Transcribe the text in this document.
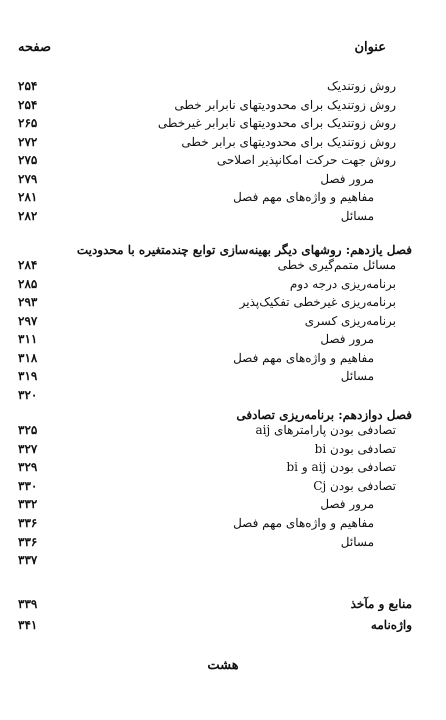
عنوان
صفحه
روش زوتندیک
۲۵۴
روش زوتندیک برای محدودیتهای نابرابر خطی
۲۵۴
روش زوتندیک برای محدودیتهای نابرابر غیرخطی
۲۶۵
روش زوتندیک برای محدودیتهای برابر خطی
۲۷۲
روش جهت حرکت امکانپذیر اصلاحی
۲۷۵
مرور فصل
۲۷۹
مفاهیم و واژه‌های مهم فصل
۲۸۱
مسائل
۲۸۲
فصل یازدهم: روشهای دیگر بهینه‌سازی توابع چندمتغیره با محدودیت
مسائل متمم‌گیری خطی
۲۸۴
برنامه‌ریزی درجه دوم
۲۸۵
برنامه‌ریزی غیرخطی تفکیک‌پذیر
۲۹۳
برنامه‌ریزی کسری
۲۹۷
مرور فصل
۳۱۱
مفاهیم و واژه‌های مهم فصل
۳۱۸
مسائل
۳۱۹
۳۲۰
فصل دوازدهم: برنامه‌ریزی تصادفی
تصادفی بودن پارامترهای aij
۳۲۵
تصادفی بودن bi
۳۲۷
تصادفی بودن aij و bi
۳۲۹
تصادفی بودن Cj
۳۳۰
مرور فصل
۳۳۲
مفاهیم و واژه‌های مهم فصل
۳۳۶
مسائل
۳۳۶
۳۳۷
منابع و مآخذ
۳۳۹
واژه‌نامه
۳۴۱
هشت
